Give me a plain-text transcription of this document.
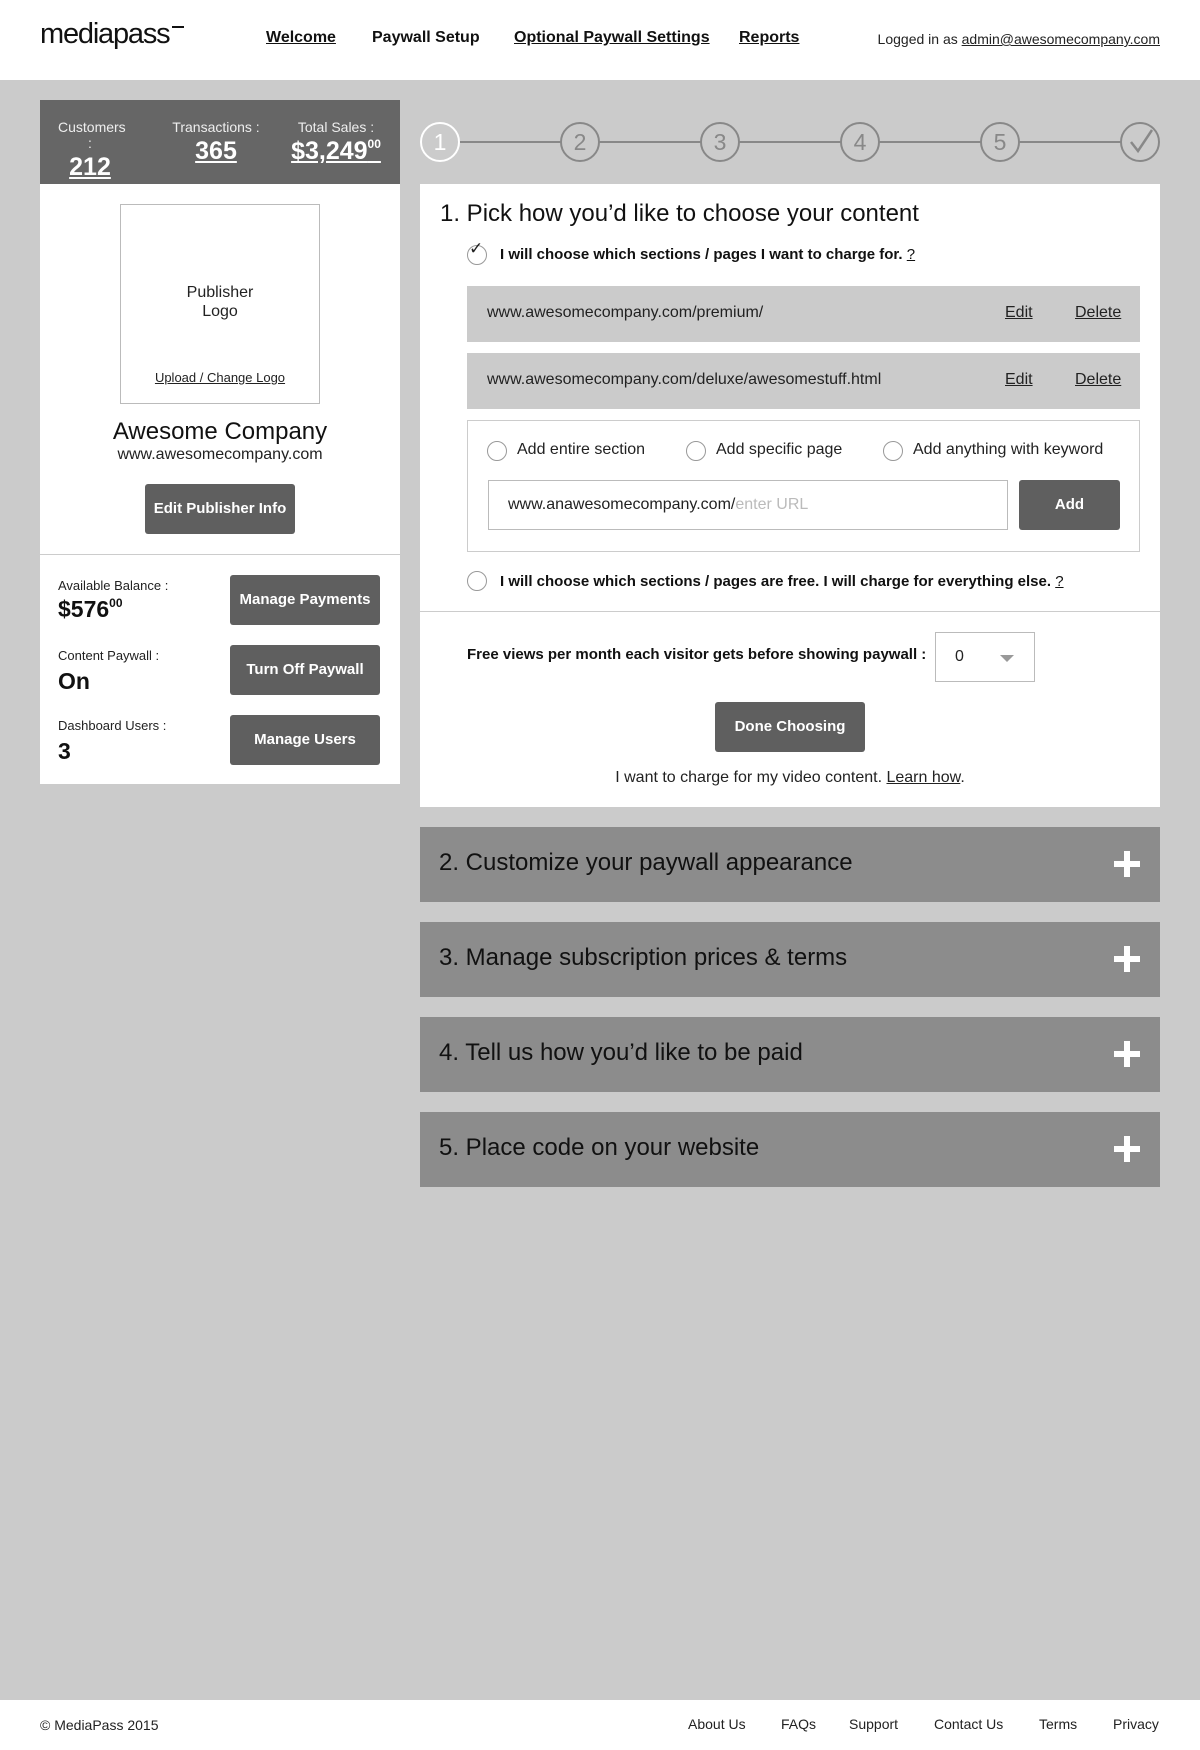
mediapass	Welcome Paywall Setup Optional Paywall Settings Reports	Logged in as admin@awesomecompany.com
Customers :
212
Transactions :
365
Total Sales :
$3,249$^{00}$
Publisher
Logo
Upload / Change Logo
Awesome Company
www.awesomecompany.com
Edit Publisher Info
Available Balance :
$\$576^{00}$	Manage Payments
Content Paywall :
On	Turn Off Paywall
Dashboard Users :
3	Manage Users
1	2	3	4	5
1. Pick how you’d like to choose your content
✓ I will choose which sections / pages I want to charge for. ?
www.awesomecompany.com/premium/	Edit	Delete
www.awesomecompany.com/deluxe/awesomestuff.html	Edit	Delete
Add entire section	Add specific page	Add anything with keyword
www.anawesomecompany.com/enter URL	Add
I will choose which sections / pages are free. I will charge for everything else. ?
Free views per month each visitor gets before showing paywall : 0
Done Choosing
I want to charge for my video content. Learn how.
2. Customize your paywall appearance
3. Manage subscription prices & terms
4. Tell us how you’d like to be paid
5. Place code on your website
© MediaPass 2015	About Us	FAQs Support	Contact Us	Terms	Privacy
